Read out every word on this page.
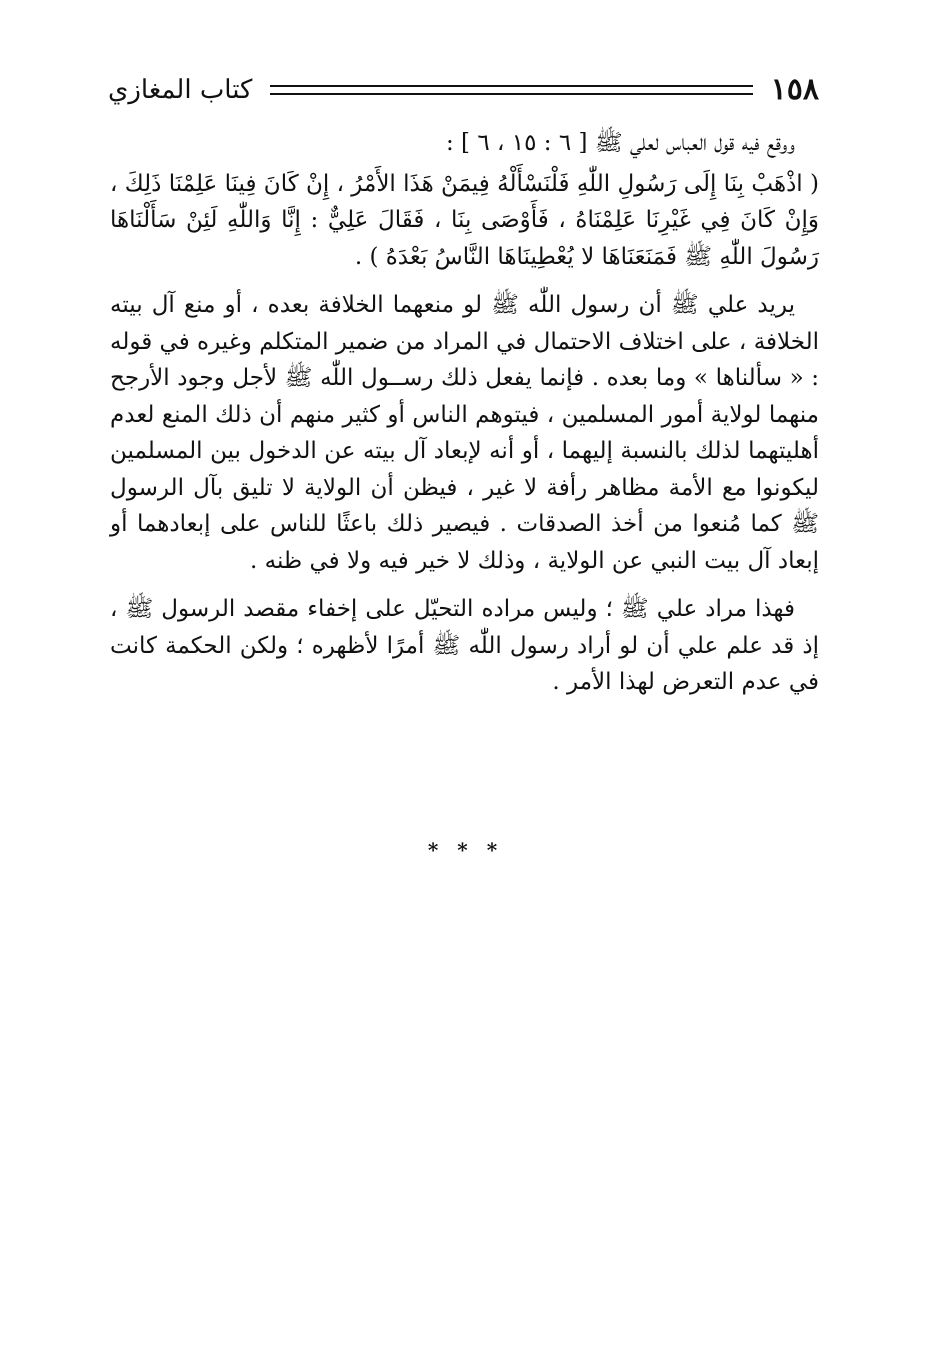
١٥٨
كتاب المغازي

ووقع فيه قول العباس لعلي ﷺ [ ٦ : ١٥ ، ٦ ] :

( اذْهَبْ بِنَا إِلَى رَسُولِ اللّٰهِ فَلْنَسْأَلْهُ فِيمَنْ هَذَا الأَمْرُ ، إِنْ كَانَ فِينَا عَلِمْنَا ذَلِكَ ، وَإِنْ كَانَ فِي غَيْرِنَا عَلِمْنَاهُ ، فَأَوْصَى بِنَا ، فَقَالَ عَلِيٌّ : إِنَّا وَاللّٰهِ لَئِنْ سَأَلْنَاهَا رَسُولَ اللّٰهِ ﷺ فَمَنَعَنَاهَا لا يُعْطِينَاهَا النَّاسُ بَعْدَهُ ) .

يريد علي ﷺ أن رسول اللّٰه ﷺ لو منعهما الخلافة بعده ، أو منع آل بيته الخلافة ، على اختلاف الاحتمال في المراد من ضمير المتكلم وغيره في قوله : « سألناها » وما بعده . فإنما يفعل ذلك رســول اللّٰه ﷺ لأجل وجود الأرجح منهما لولاية أمور المسلمين ، فيتوهم الناس أو كثير منهم أن ذلك المنع لعدم أهليتهما لذلك بالنسبة إليهما ، أو أنه لإبعاد آل بيته عن الدخول بين المسلمين ليكونوا مع الأمة مظاهر رأفة لا غير ، فيظن أن الولاية لا تليق بآل الرسول ﷺ كما مُنعوا من أخذ الصدقات . فيصير ذلك باعثًا للناس على إبعادهما أو إبعاد آل بيت النبي عن الولاية ، وذلك لا خير فيه ولا في ظنه .

فهذا مراد علي ﷺ ؛ وليس مراده التحيّل على إخفاء مقصد الرسول ﷺ ، إذ قد علم علي أن لو أراد رسول اللّٰه ﷺ أمرًا لأظهره ؛ ولكن الحكمة كانت في عدم التعرض لهذا الأمر .

* * *
